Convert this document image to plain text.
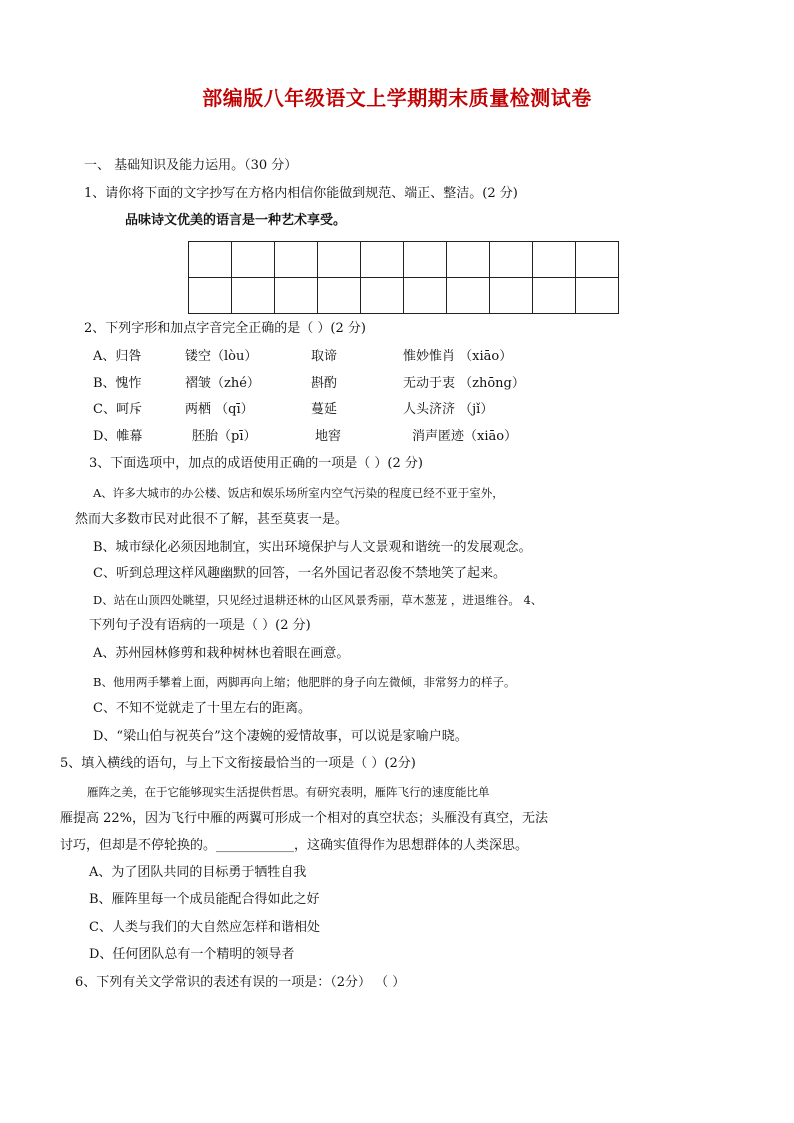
部编版八年级语文上学期期末质量检测试卷
一、 基础知识及能力运用。（30 分）
1、请你将下面的文字抄写在方格内相信你能做到规范、端正、整洁。(2 分)
品味诗文优美的语言是一种艺术享受。

2、下列字形和加点字音完全正确的是（ ）(2 分)
A、归咎	镂空（lòu）	取谛	惟妙惟肖 （xiāo）
B、愧怍	褶皱（zhé）	斟酌	无动于衷 （zhōng）
C、呵斥	两栖 （qī）	蔓延	人头济济 （jǐ）
D、帷幕	胚胎（pī）	地窖	消声匿迹（xiāo）
3、下面选项中，加点的成语使用正确的一项是（ ）(2 分)
A、许多大城市的办公楼、饭店和娱乐场所室内空气污染的程度已经不亚于室外，
然而大多数市民对此很不了解，甚至莫衷一是。
B、城市绿化必须因地制宜，实出环境保护与人文景观和谐统一的发展观念。
C、听到总理这样风趣幽默的回答，一名外国记者忍俊不禁地笑了起来。
D、站在山顶四处眺望，只见经过退耕还林的山区风景秀丽，草木葱茏 ，进退维谷。 4、
下列句子没有语病的一项是（ ）(2 分)
A、苏州园林修剪和栽种树林也着眼在画意。
B、他用两手攀着上面，两脚再向上缩；他肥胖的身子向左微倾，非常努力的样子。
C、不知不觉就走了十里左右的距离。
D、“梁山伯与祝英台”这个凄婉的爱情故事，可以说是家喻户晓。
5、填入横线的语句，与上下文衔接最恰当的一项是（ ）(2分)
雁阵之美，在于它能够现实生活提供哲思。有研究表明，雁阵飞行的速度能比单
雁提高 22%，因为飞行中雁的两翼可形成一个相对的真空状态；头雁没有真空，无法
讨巧，但却是不停轮换的。____________，这确实值得作为思想群体的人类深思。
A、为了团队共同的目标勇于牺牲自我
B、雁阵里每一个成员能配合得如此之好
C、人类与我们的大自然应怎样和谐相处
D、任何团队总有一个精明的领导者
6、下列有关文学常识的表述有误的一项是：（2分） （ ）
